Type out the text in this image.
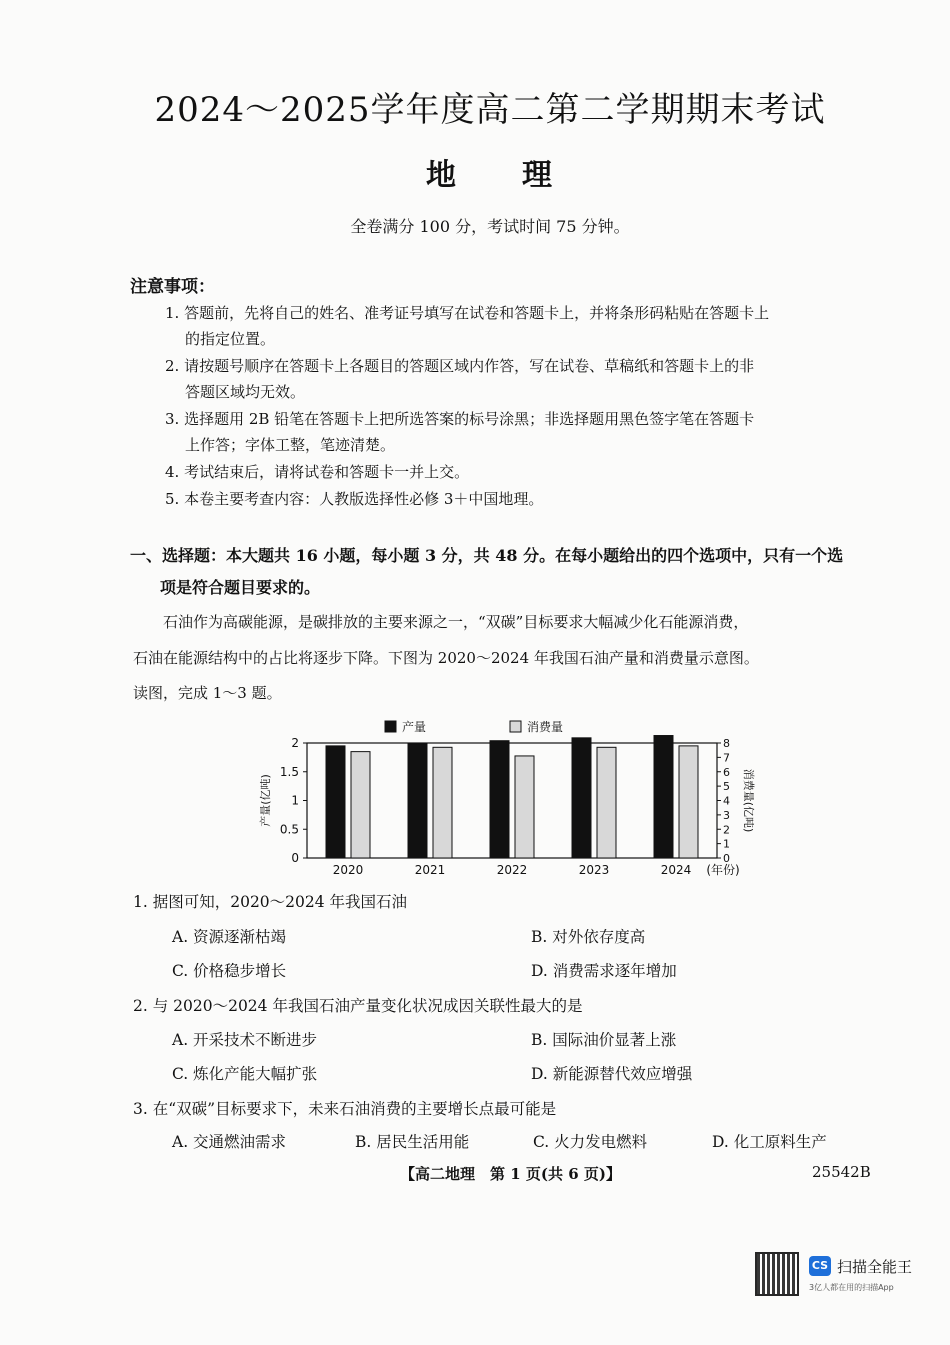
2024～2025学年度高二第二学期期末考试
地　　理
全卷满分 100 分，考试时间 75 分钟。
注意事项：
1. 答题前，先将自己的姓名、准考证号填写在试卷和答题卡上，并将条形码粘贴在答题卡上
的指定位置。
2. 请按题号顺序在答题卡上各题目的答题区域内作答，写在试卷、草稿纸和答题卡上的非
答题区域均无效。
3. 选择题用 2B 铅笔在答题卡上把所选答案的标号涂黑；非选择题用黑色签字笔在答题卡
上作答；字体工整，笔迹清楚。
4. 考试结束后，请将试卷和答题卡一并上交。
5. 本卷主要考查内容：人教版选择性必修 3＋中国地理。
一、选择题：本大题共 16 小题，每小题 3 分，共 48 分。在每小题给出的四个选项中，只有一个选
项是符合题目要求的。
　　石油作为高碳能源，是碳排放的主要来源之一，“双碳”目标要求大幅减少化石能源消费，
石油在能源结构中的占比将逐步下降。下图为 2020～2024 年我国石油产量和消费量示意图。
读图，完成 1～3 题。
0
0.5
1
1.5
2
0
1
2
3
4
5
6
7
8
产量(亿吨)	消费量(亿吨)
2020	2021	2022	2023	2024 (年份)
产量	消费量
1. 据图可知，2020～2024 年我国石油
A. 资源逐渐枯竭	B. 对外依存度高
C. 价格稳步增长	D. 消费需求逐年增加
2. 与 2020～2024 年我国石油产量变化状况成因关联性最大的是
A. 开采技术不断进步	B. 国际油价显著上涨
C. 炼化产能大幅扩张	D. 新能源替代效应增强
3. 在“双碳”目标要求下，未来石油消费的主要增长点最可能是
A. 交通燃油需求	B. 居民生活用能	C. 火力发电燃料	D. 化工原料生产
【高二地理　第 1 页(共 6 页)】	25542B
CS 扫描全能王
3亿人都在用的扫描App
